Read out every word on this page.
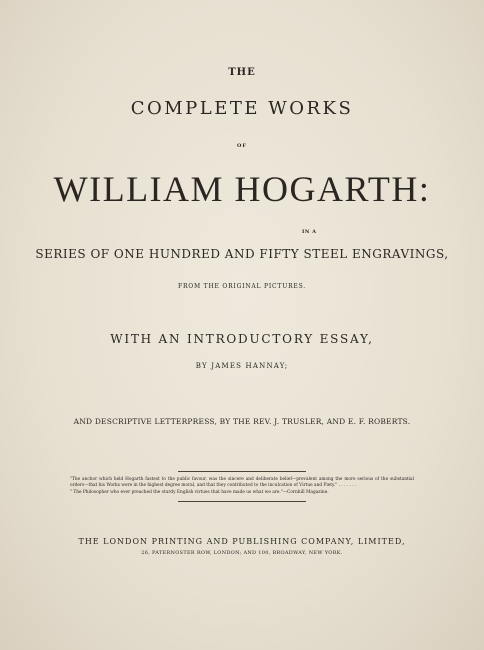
THE
COMPLETE WORKS
OF
WILLIAM HOGARTH:
IN A
SERIES OF ONE HUNDRED AND FIFTY STEEL ENGRAVINGS,
FROM THE ORIGINAL PICTURES.
WITH AN INTRODUCTORY ESSAY,
BY JAMES HANNAY;
AND DESCRIPTIVE LETTERPRESS, BY THE REV. J. TRUSLER, AND E. F. ROBERTS.
"The anchor which held Hogarth fastest to the public favour, was the sincere and deliberate belief—prevalent among the more serious of the substantial orders—that his Works were in the highest degree moral, and that they contributed to the inculcation of Virtue and Piety." . . . . . . .
" The Philosopher who ever preached the sturdy English virtues that have made us what we are."—Cornhill Magazine.
THE LONDON PRINTING AND PUBLISHING COMPANY, LIMITED,
26, PATERNOSTER ROW, LONDON; AND 100, BROADWAY, NEW YORK.
